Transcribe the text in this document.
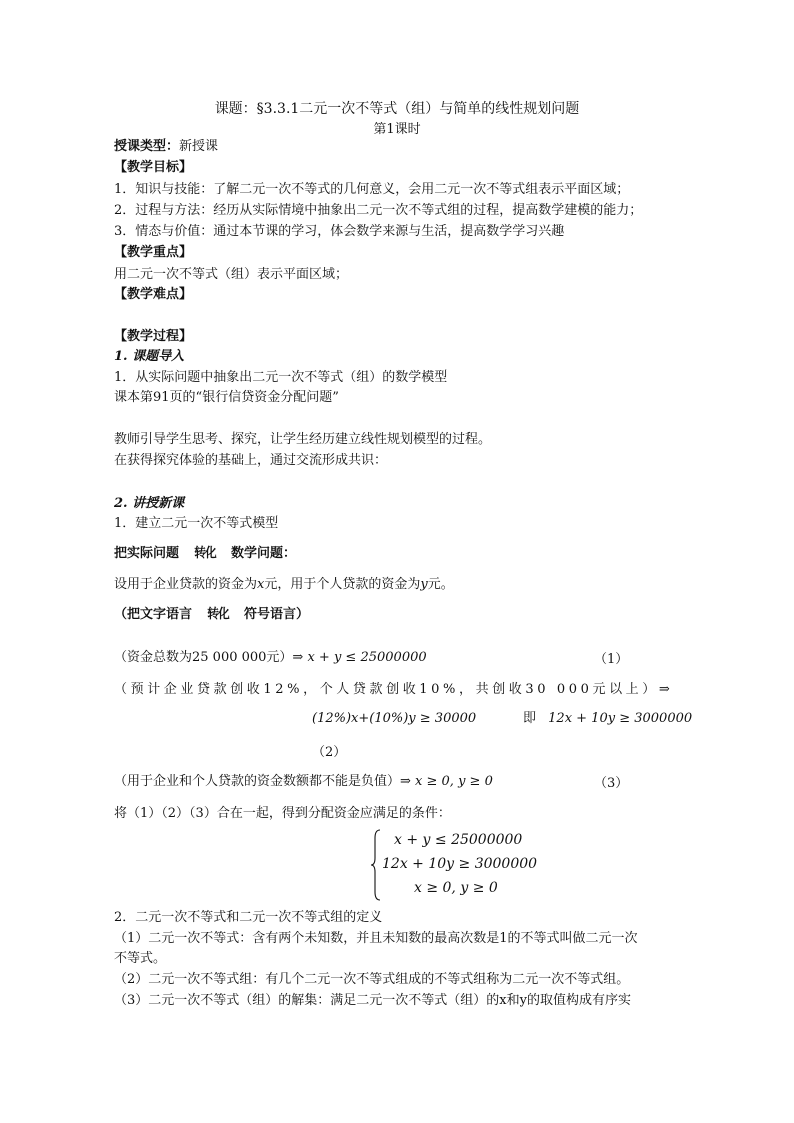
课题：§3.3.1二元一次不等式（组）与简单的线性规划问题
第1课时
授课类型：新授课
【教学目标】
1．知识与技能：了解二元一次不等式的几何意义，会用二元一次不等式组表示平面区域；
2．过程与方法：经历从实际情境中抽象出二元一次不等式组的过程，提高数学建模的能力；
3．情态与价值：通过本节课的学习，体会数学来源与生活，提高数学学习兴趣
【教学重点】
用二元一次不等式（组）表示平面区域；
【教学难点】
【教学过程】
1. 课题导入
1．从实际问题中抽象出二元一次不等式（组）的数学模型
课本第91页的“银行信贷资金分配问题”
教师引导学生思考、探究，让学生经历建立线性规划模型的过程。
在获得探究体验的基础上，通过交流形成共识：
2. 讲授新课
1．建立二元一次不等式模型
把实际问题 转化 数学问题：
设用于企业贷款的资金为x元，用于个人贷款的资金为y元。
（把文字语言 转化 符号语言）
（资金总数为25 000 000元）⇒ x + y ≤ 25000000	（1）
（预计企业贷款创收12%，个人贷款创收10%，共创收30 000元以上）⇒
(12%)x+(10%)y ≥ 30000	即 12x + 10y ≥ 3000000
（2）
（用于企业和个人贷款的资金数额都不能是负值）⇒ x ≥ 0, y ≥ 0	（3）
将（1）（2）（3）合在一起，得到分配资金应满足的条件：
x + y ≤ 25000000
12x + 10y ≥ 3000000
x ≥ 0, y ≥ 0
2．二元一次不等式和二元一次不等式组的定义
（1）二元一次不等式：含有两个未知数，并且未知数的最高次数是1的不等式叫做二元一次
不等式。
（2）二元一次不等式组：有几个二元一次不等式组成的不等式组称为二元一次不等式组。
（3）二元一次不等式（组）的解集：满足二元一次不等式（组）的x和y的取值构成有序实
